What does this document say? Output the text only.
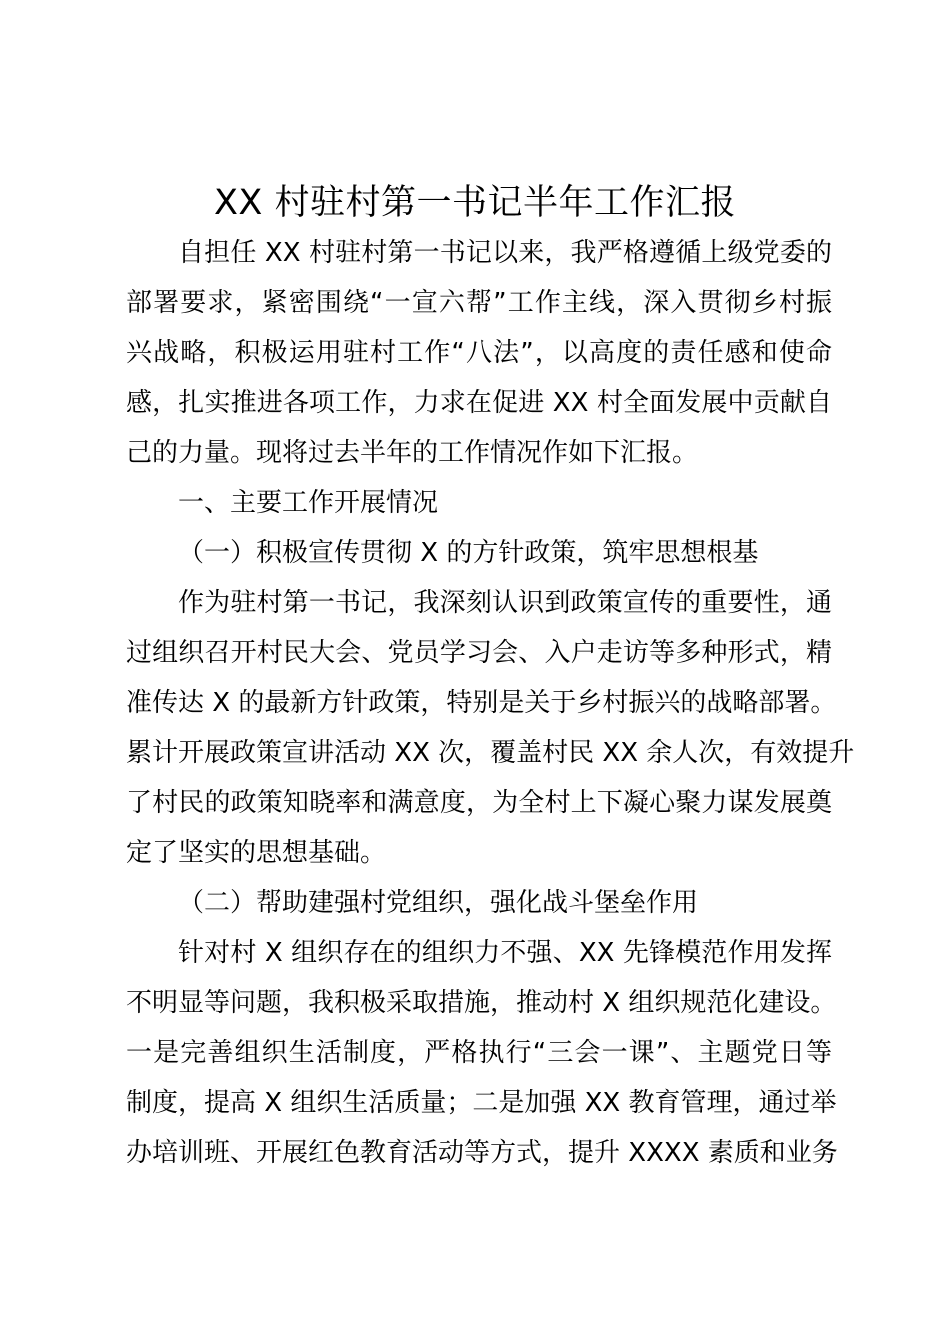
XX 村驻村第一书记半年工作汇报
自担任 XX 村驻村第一书记以来，我严格遵循上级党委的
部署要求，紧密围绕“一宣六帮”工作主线，深入贯彻乡村振
兴战略，积极运用驻村工作“八法”，以高度的责任感和使命
感，扎实推进各项工作，力求在促进 XX 村全面发展中贡献自
己的力量。现将过去半年的工作情况作如下汇报。
一、主要工作开展情况
（一）积极宣传贯彻 X 的方针政策，筑牢思想根基
作为驻村第一书记，我深刻认识到政策宣传的重要性，通
过组织召开村民大会、党员学习会、入户走访等多种形式，精
准传达 X 的最新方针政策，特别是关于乡村振兴的战略部署。
累计开展政策宣讲活动 XX 次，覆盖村民 XX 余人次，有效提升
了村民的政策知晓率和满意度，为全村上下凝心聚力谋发展奠
定了坚实的思想基础。
（二）帮助建强村党组织，强化战斗堡垒作用
针对村 X 组织存在的组织力不强、XX 先锋模范作用发挥
不明显等问题，我积极采取措施，推动村 X 组织规范化建设。
一是完善组织生活制度，严格执行“三会一课”、主题党日等
制度，提高 X 组织生活质量；二是加强 XX 教育管理，通过举
办培训班、开展红色教育活动等方式，提升 XXXX 素质和业务
